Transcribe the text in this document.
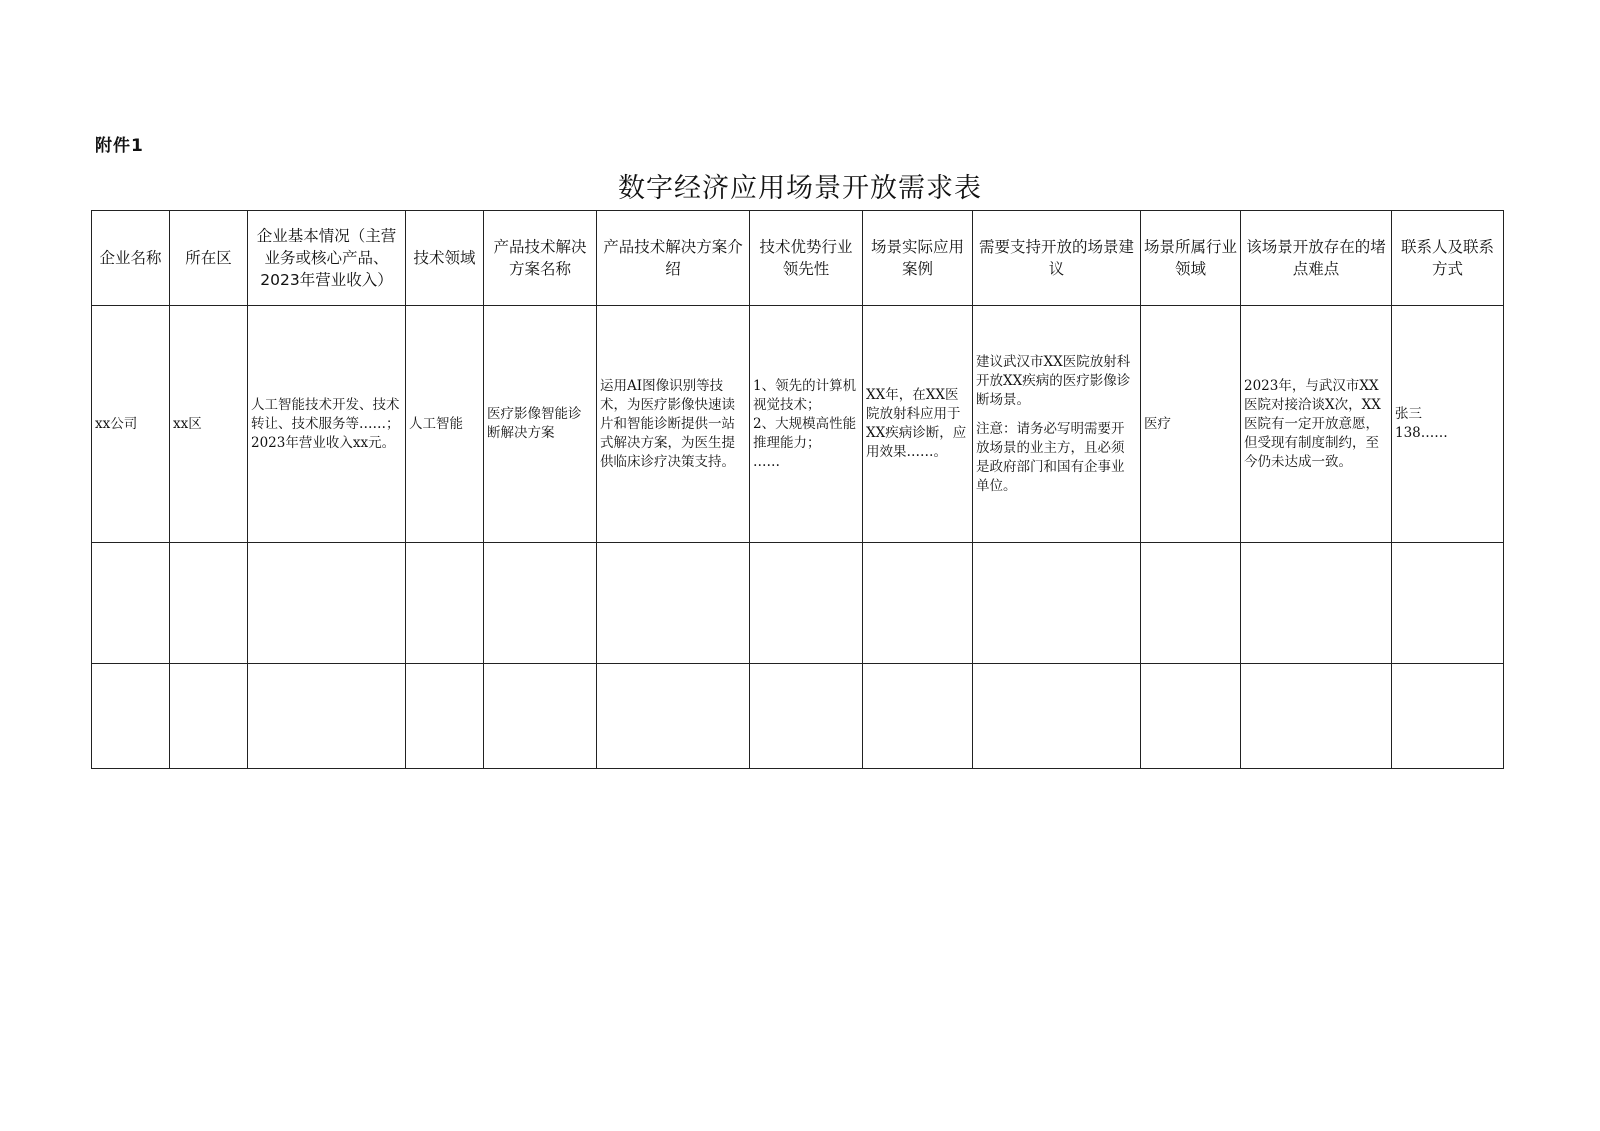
附件1
数字经济应用场景开放需求表
企业名称	所在区	企业基本情况（主营业务或核心产品、2023年营业收入）	技术领域	产品技术解决方案名称	产品技术解决方案介绍	技术优势行业领先性	场景实际应用案例	需要支持开放的场景建议	场景所属行业领域	该场景开放存在的堵点难点	联系人及联系方式
xx公司	xx区	人工智能技术开发、技术转让、技术服务等……；2023年营业收入xx元。	人工智能	医疗影像智能诊断解决方案	运用AI图像识别等技术，为医疗影像快速读片和智能诊断提供一站式解决方案，为医生提供临床诊疗决策支持。	1、领先的计算机视觉技术；
2、大规模高性能推理能力；
……	XX年，在XX医院放射科应用于XX疾病诊断，应用效果……。	建议武汉市XX医院放射科开放XX疾病的医疗影像诊断场景。
注意：请务必写明需要开放场景的业主方，且必须是政府部门和国有企事业单位。	医疗	2023年，与武汉市XX医院对接洽谈X次，XX医院有一定开放意愿，但受现有制度制约，至今仍未达成一致。	张三
138……
